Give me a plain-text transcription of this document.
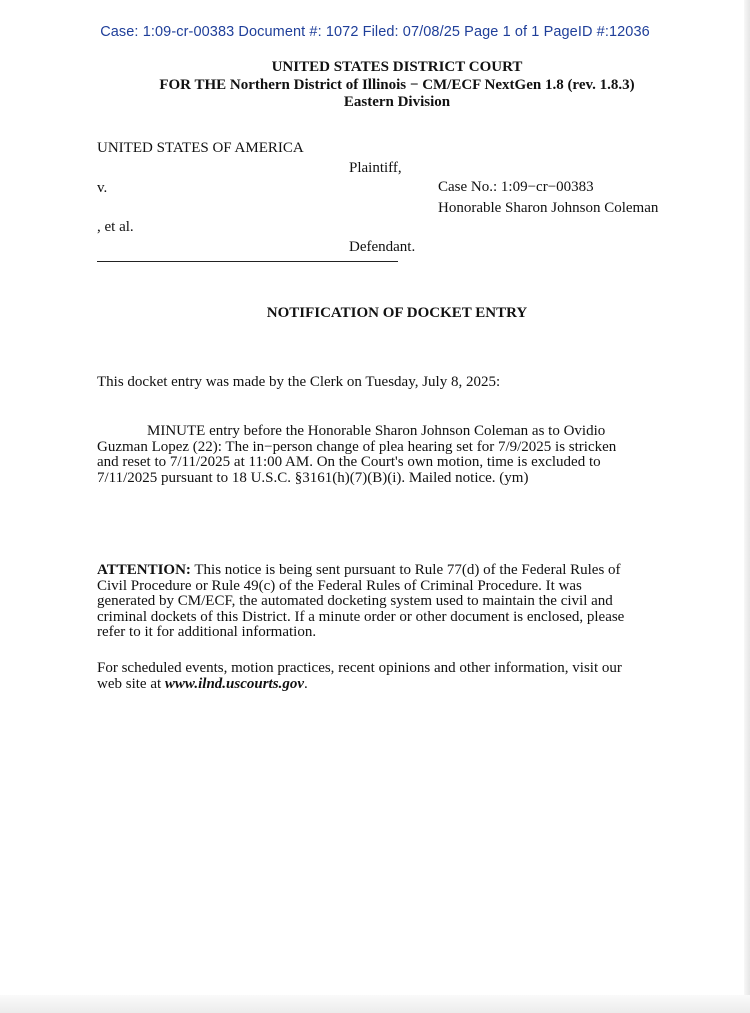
Case: 1:09-cr-00383 Document #: 1072 Filed: 07/08/25 Page 1 of 1 PageID #:12036
UNITED STATES DISTRICT COURT
FOR THE Northern District of Illinois − CM/ECF NextGen 1.8 (rev. 1.8.3)
Eastern Division
UNITED STATES OF AMERICA
Plaintiff,
v.	Case No.: 1:09−cr−00383
Honorable Sharon Johnson Coleman
, et al.
Defendant.
NOTIFICATION OF DOCKET ENTRY
This docket entry was made by the Clerk on Tuesday, July 8, 2025:
MINUTE entry before the Honorable Sharon Johnson Coleman as to Ovidio
Guzman Lopez (22): The in−person change of plea hearing set for 7/9/2025 is stricken
and reset to 7/11/2025 at 11:00 AM. On the Court's own motion, time is excluded to
7/11/2025 pursuant to 18 U.S.C. §3161(h)(7)(B)(i). Mailed notice. (ym)
ATTENTION: This notice is being sent pursuant to Rule 77(d) of the Federal Rules of
Civil Procedure or Rule 49(c) of the Federal Rules of Criminal Procedure. It was
generated by CM/ECF, the automated docketing system used to maintain the civil and
criminal dockets of this District. If a minute order or other document is enclosed, please
refer to it for additional information.
For scheduled events, motion practices, recent opinions and other information, visit our
web site at www.ilnd.uscourts.gov.
